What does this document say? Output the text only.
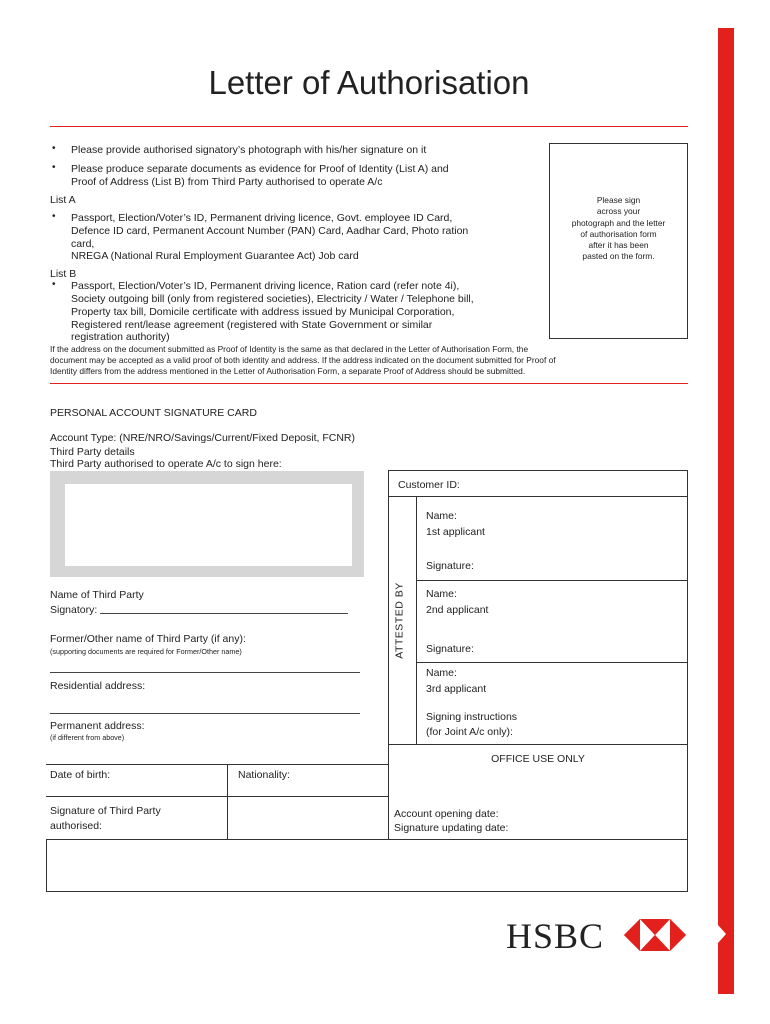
Letter of Authorisation
• Please provide authorised signatory’s photograph with his/her signature on it
• Please produce separate documents as evidence for Proof of Identity (List A) and
Proof of Address (List B) from Third Party authorised to operate A/c
List A
• Passport, Election/Voter’s ID, Permanent driving licence, Govt. employee ID Card,
Defence ID card, Permanent Account Number (PAN) Card, Aadhar Card, Photo ration
card,
NREGA (National Rural Employment Guarantee Act) Job card
List B
• Passport, Election/Voter’s ID, Permanent driving licence, Ration card (refer note 4i),
Society outgoing bill (only from registered societies), Electricity / Water / Telephone bill,
Property tax bill, Domicile certificate with address issued by Municipal Corporation,
Registered rent/lease agreement (registered with State Government or similar
registration authority)
If the address on the document submitted as Proof of Identity is the same as that declared in the Letter of Authorisation Form, the
document may be accepted as a valid proof of both identity and address. If the address indicated on the document submitted for Proof of
Identity differs from the address mentioned in the Letter of Authorisation Form, a separate Proof of Address should be submitted.
Please sign
across your
photograph and the letter
of authorisation form
after it has been
pasted on the form.
PERSONAL ACCOUNT SIGNATURE CARD
Account Type: (NRE/NRO/Savings/Current/Fixed Deposit, FCNR)
Third Party details
Third Party authorised to operate A/c to sign here:
Name of Third Party
Signatory:
Former/Other name of Third Party (if any):
(supporting documents are required for Former/Other name)
Residential address:
Permanent address:
(if different from above)
Date of birth:	Nationality:
Signature of Third Party
authorised:
Customer ID:
ATTESTED BY
Name:
1st applicant
Signature:
Name:
2nd applicant
Signature:
Name:
3rd applicant
Signing instructions
(for Joint A/c only):
OFFICE USE ONLY
Account opening date:
Signature updating date:
HSBC
